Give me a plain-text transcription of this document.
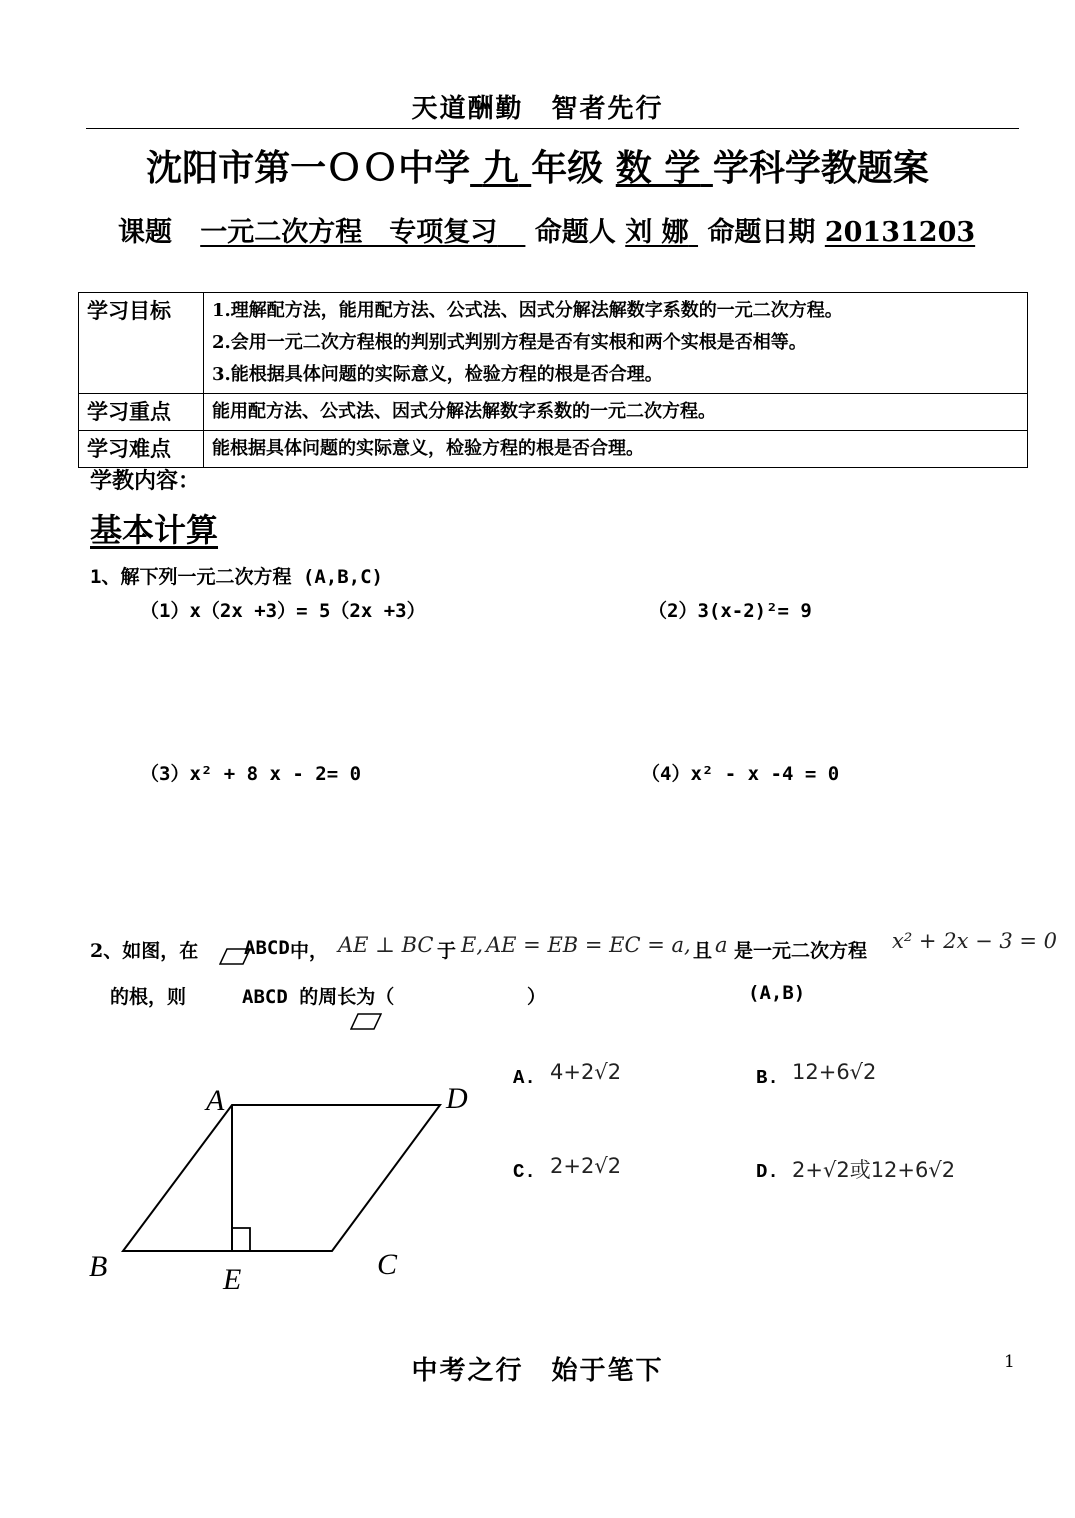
天道酬勤　智者先行
沈阳市第一ＯＯ中学 九 年级 数 学 学科学教题案
课题 一元二次方程　专项复习 命题人 刘 娜 命题日期 20131203
学习目标	1.理解配方法，能用配方法、公式法、因式分解法解数字系数的一元二次方程。
2.会用一元二次方程根的判别式判别方程是否有实根和两个实根是否相等。
3.能根据具体问题的实际意义，检验方程的根是否合理。

学习重点	能用配方法、公式法、因式分解法解数字系数的一元二次方程。
学习难点	能根据具体问题的实际意义，检验方程的根是否合理。
学教内容：
基本计算
1、解下列一元二次方程 (A,B,C)
（1）x（2x +3）= 5（2x +3）	（2）3(x-2)²= 9
（3）x² + 8 x - 2= 0	（4）x² - x -4 = 0
2、如图，在 ABCD 中， AE ⊥ BC 于 E, AE = EB = EC = a, 且 a 是一元二次方程 x² + 2x − 3 = 0
的根，则	ABCD 的周长为（	）	(A,B)
A. 4+2√2	B. 12+6√2
C. 2+2√2	D. 2+√2或12+6√2
A	D
B	C
E
中考之行　始于笔下	1
